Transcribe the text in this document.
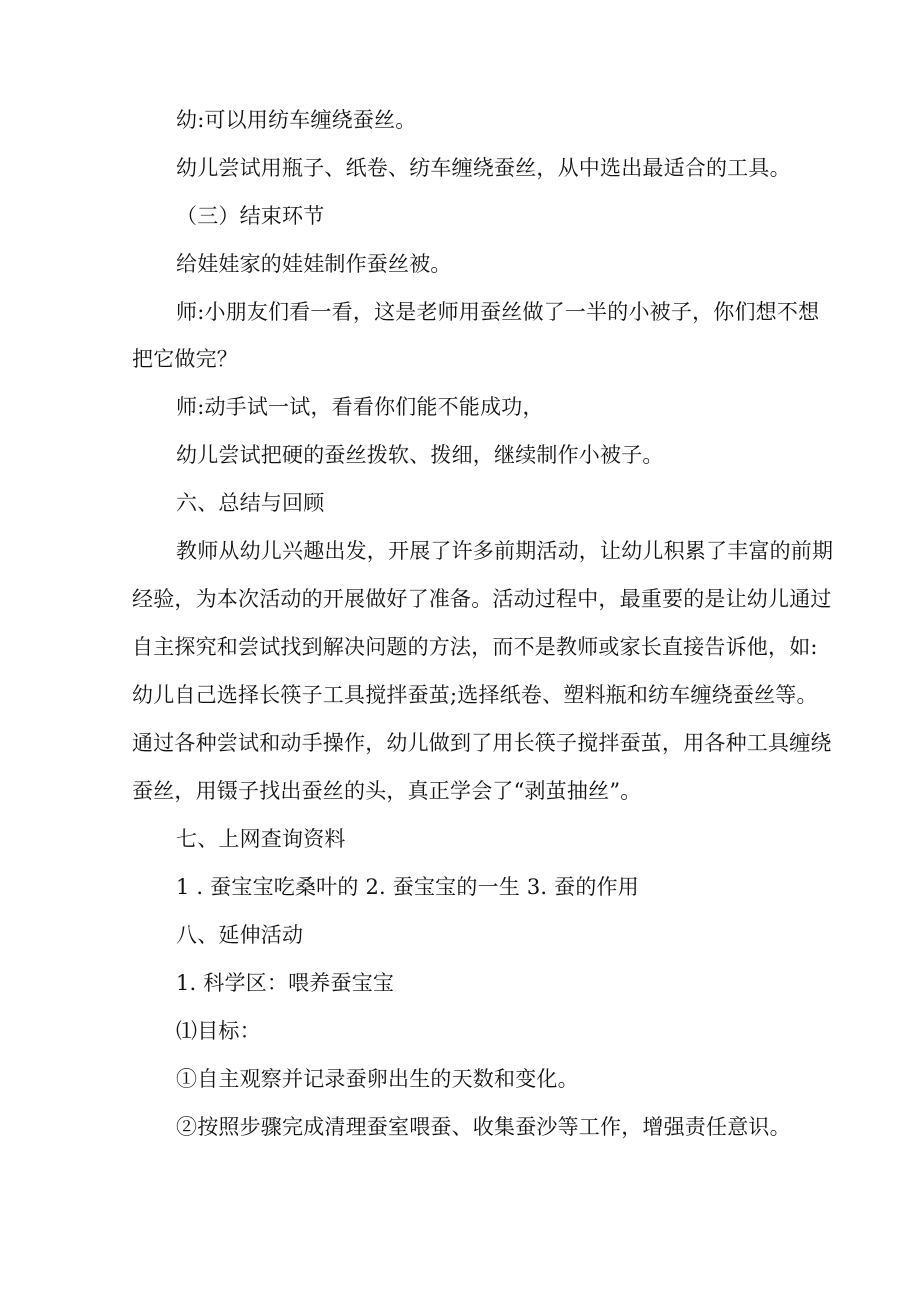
幼:可以用纺车缠绕蚕丝。

幼儿尝试用瓶子、纸卷、纺车缠绕蚕丝，从中选出最适合的工具。

（三）结束环节

给娃娃家的娃娃制作蚕丝被。

师:小朋友们看一看，这是老师用蚕丝做了一半的小被子，你们想不想

把它做完？

师:动手试一试，看看你们能不能成功，

幼儿尝试把硬的蚕丝拨软、拨细，继续制作小被子。

六、总结与回顾

教师从幼儿兴趣出发，开展了许多前期活动，让幼儿积累了丰富的前期

经验，为本次活动的开展做好了准备。活动过程中，最重要的是让幼儿通过

自主探究和尝试找到解决问题的方法，而不是教师或家长直接告诉他，如:

幼儿自己选择长筷子工具搅拌蚕茧;选择纸卷、塑料瓶和纺车缠绕蚕丝等。

通过各种尝试和动手操作，幼儿做到了用长筷子搅拌蚕茧，用各种工具缠绕

蚕丝，用镊子找出蚕丝的头，真正学会了“剥茧抽丝”。

七、上网查询资料

1 . 蚕宝宝吃桑叶的 2. 蚕宝宝的一生 3. 蚕的作用

八、延伸活动

1. 科学区：喂养蚕宝宝

⑴目标：

①自主观察并记录蚕卵出生的天数和变化。

②按照步骤完成清理蚕室喂蚕、收集蚕沙等工作，增强责任意识。
